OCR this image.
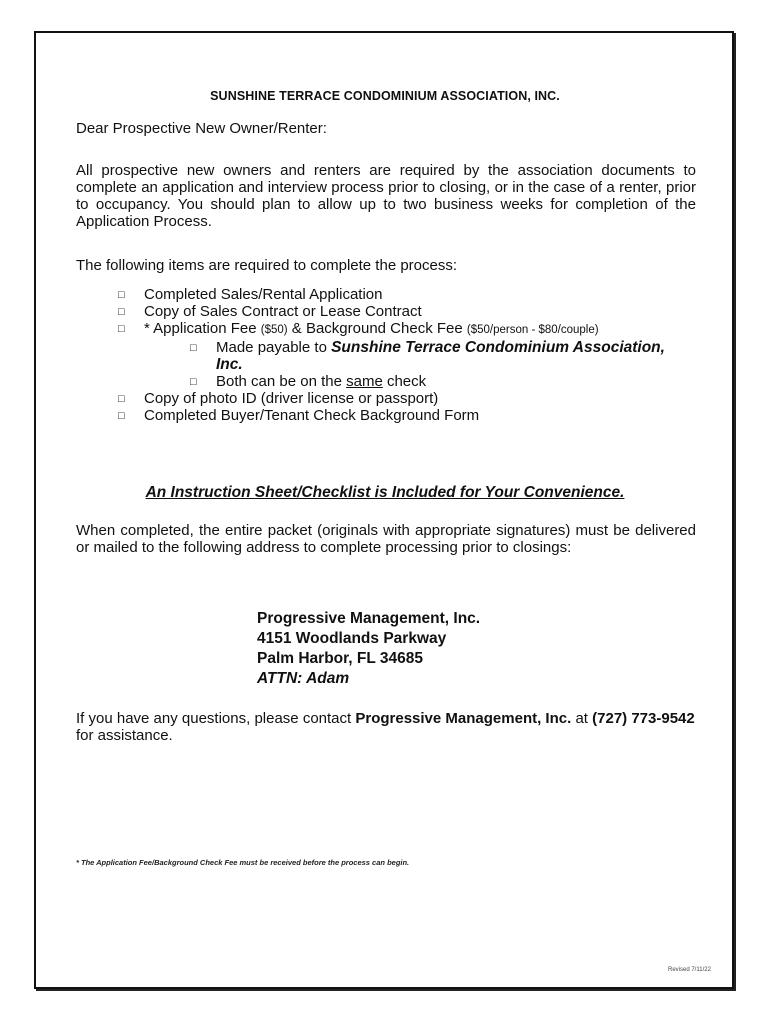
SUNSHINE TERRACE CONDOMINIUM ASSOCIATION, INC.
Dear Prospective New Owner/Renter:
All prospective new owners and renters are required by the association documents to complete an application and interview process prior to closing, or in the case of a renter, prior to occupancy. You should plan to allow up to two business weeks for completion of the Application Process.
The following items are required to complete the process:
□ Completed Sales/Rental Application
□ Copy of Sales Contract or Lease Contract
□ * Application Fee ($50) & Background Check Fee ($50/person - $80/couple)
□ Made payable to Sunshine Terrace Condominium Association, Inc.
□ Both can be on the same check
□ Copy of photo ID (driver license or passport)
□ Completed Buyer/Tenant Check Background Form
An Instruction Sheet/Checklist is Included for Your Convenience.
When completed, the entire packet (originals with appropriate signatures) must be delivered or mailed to the following address to complete processing prior to closings:
Progressive Management, Inc.
4151 Woodlands Parkway
Palm Harbor, FL 34685
ATTN: Adam
If you have any questions, please contact Progressive Management, Inc. at (727) 773-9542 for assistance.
* The Application Fee/Background Check Fee must be received before the process can begin.
Revised 7/11/22
